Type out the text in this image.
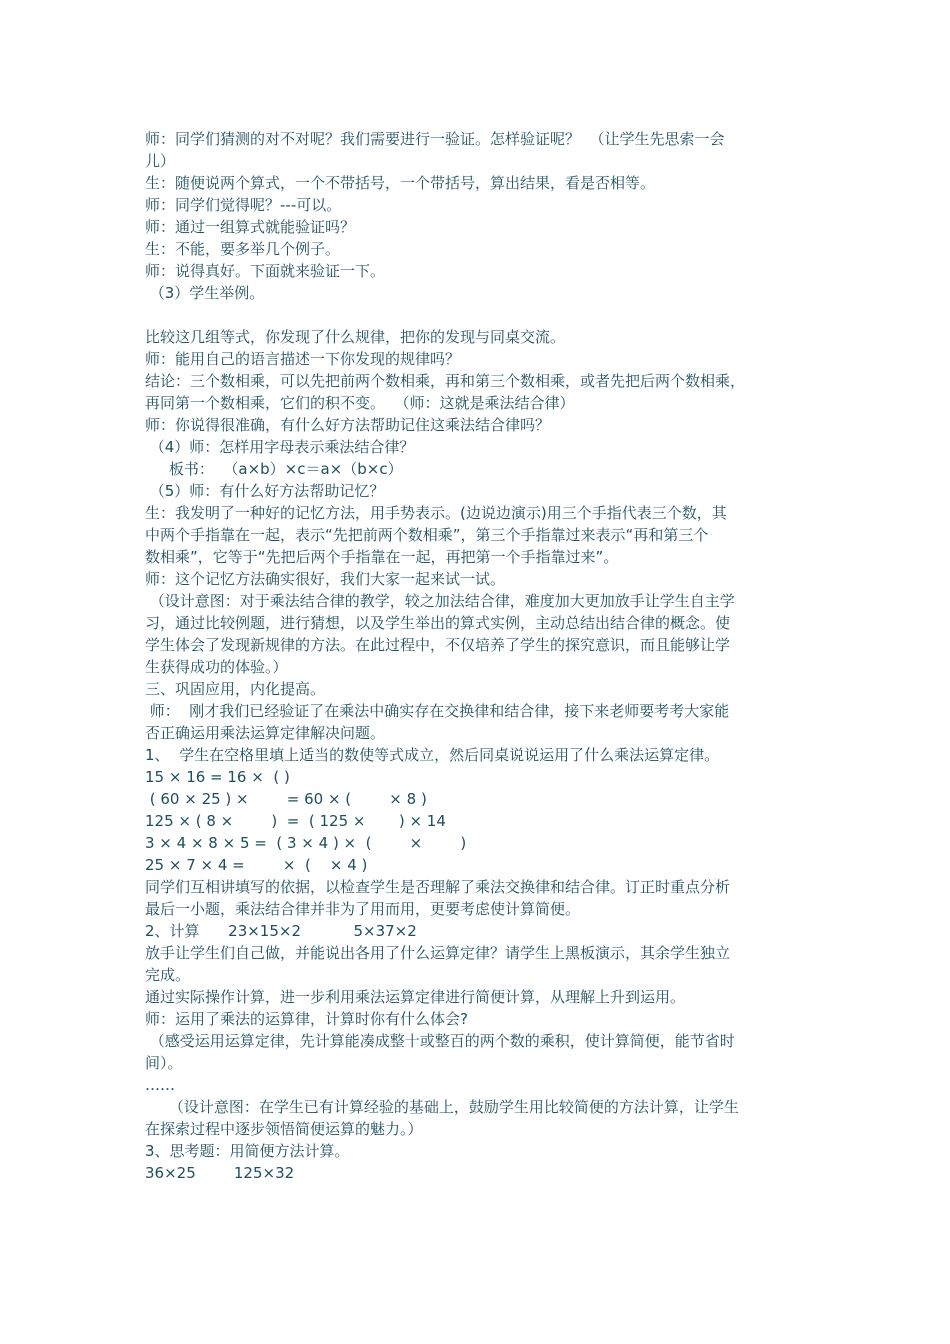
师：同学们猜测的对不对呢？我们需要进行一验证。怎样验证呢？  （让学生先思索一会

儿）

生：随便说两个算式，一个不带括号，一个带括号，算出结果，看是否相等。

师：同学们觉得呢？---可以。

师：通过一组算式就能验证吗？

生：不能，要多举几个例子。

师：说得真好。下面就来验证一下。

（3）学生举例。

比较这几组等式，你发现了什么规律，把你的发现与同桌交流。

师：能用自己的语言描述一下你发现的规律吗？

结论：三个数相乘，可以先把前两个数相乘，再和第三个数相乘，或者先把后两个数相乘，

再同第一个数相乘，它们的积不变。  （师：这就是乘法结合律）

师：你说得很准确，有什么好方法帮助记住这乘法结合律吗？

（4）师：怎样用字母表示乘法结合律？

板书：  （a×b）×c＝a×（b×c）

（5）师：有什么好方法帮助记忆？

生：我发明了一种好的记忆方法，用手势表示。(边说边演示)用三个手指代表三个数，其

中两个手指靠在一起，表示“先把前两个数相乘”，第三个手指靠过来表示“再和第三个

数相乘”，它等于“先把后两个手指靠在一起，再把第一个手指靠过来”。

师：这个记忆方法确实很好，我们大家一起来试一试。

（设计意图：对于乘法结合律的教学，较之加法结合律，难度加大更加放手让学生自主学

习，通过比较例题，进行猜想，以及学生举出的算式实例，主动总结出结合律的概念。使

学生体会了发现新规律的方法。在此过程中，不仅培养了学生的探究意识，而且能够让学

生获得成功的体验。）

三、巩固应用，内化提高。

师：  刚才我们已经验证了在乘法中确实存在交换律和结合律，接下来老师要考考大家能

否正确运用乘法运算定律解决问题。

1、  学生在空格里填上适当的数使等式成立，然后同桌说说运用了什么乘法运算定律。

15 × 16 = 16 ×  ( )

( 60 × 25 ) ×        = 60 × (        × 8 )

125 × ( 8 ×        )  =  ( 125 ×       ) × 14

3 × 4 × 8 × 5 =  ( 3 × 4 ) ×  (        ×        )

25 × 7 × 4 =        ×  (    × 4 )

同学们互相讲填写的依据，以检查学生是否理解了乘法交换律和结合律。订正时重点分析

最后一小题，乘法结合律并非为了用而用，更要考虑使计算简便。

2、计算      23×15×2           5×37×2

放手让学生们自己做，并能说出各用了什么运算定律？请学生上黑板演示，其余学生独立

完成。

通过实际操作计算，进一步利用乘法运算定律进行简便计算，从理解上升到运用。

师：运用了乘法的运算律，计算时你有什么体会?

（感受运用运算定律，先计算能凑成整十或整百的两个数的乘积，使计算简便，能节省时

间）。

……

（设计意图：在学生已有计算经验的基础上，鼓励学生用比较简便的方法计算，让学生

在探索过程中逐步领悟简便运算的魅力。）

3、思考题：用简便方法计算。

36×25        125×32
